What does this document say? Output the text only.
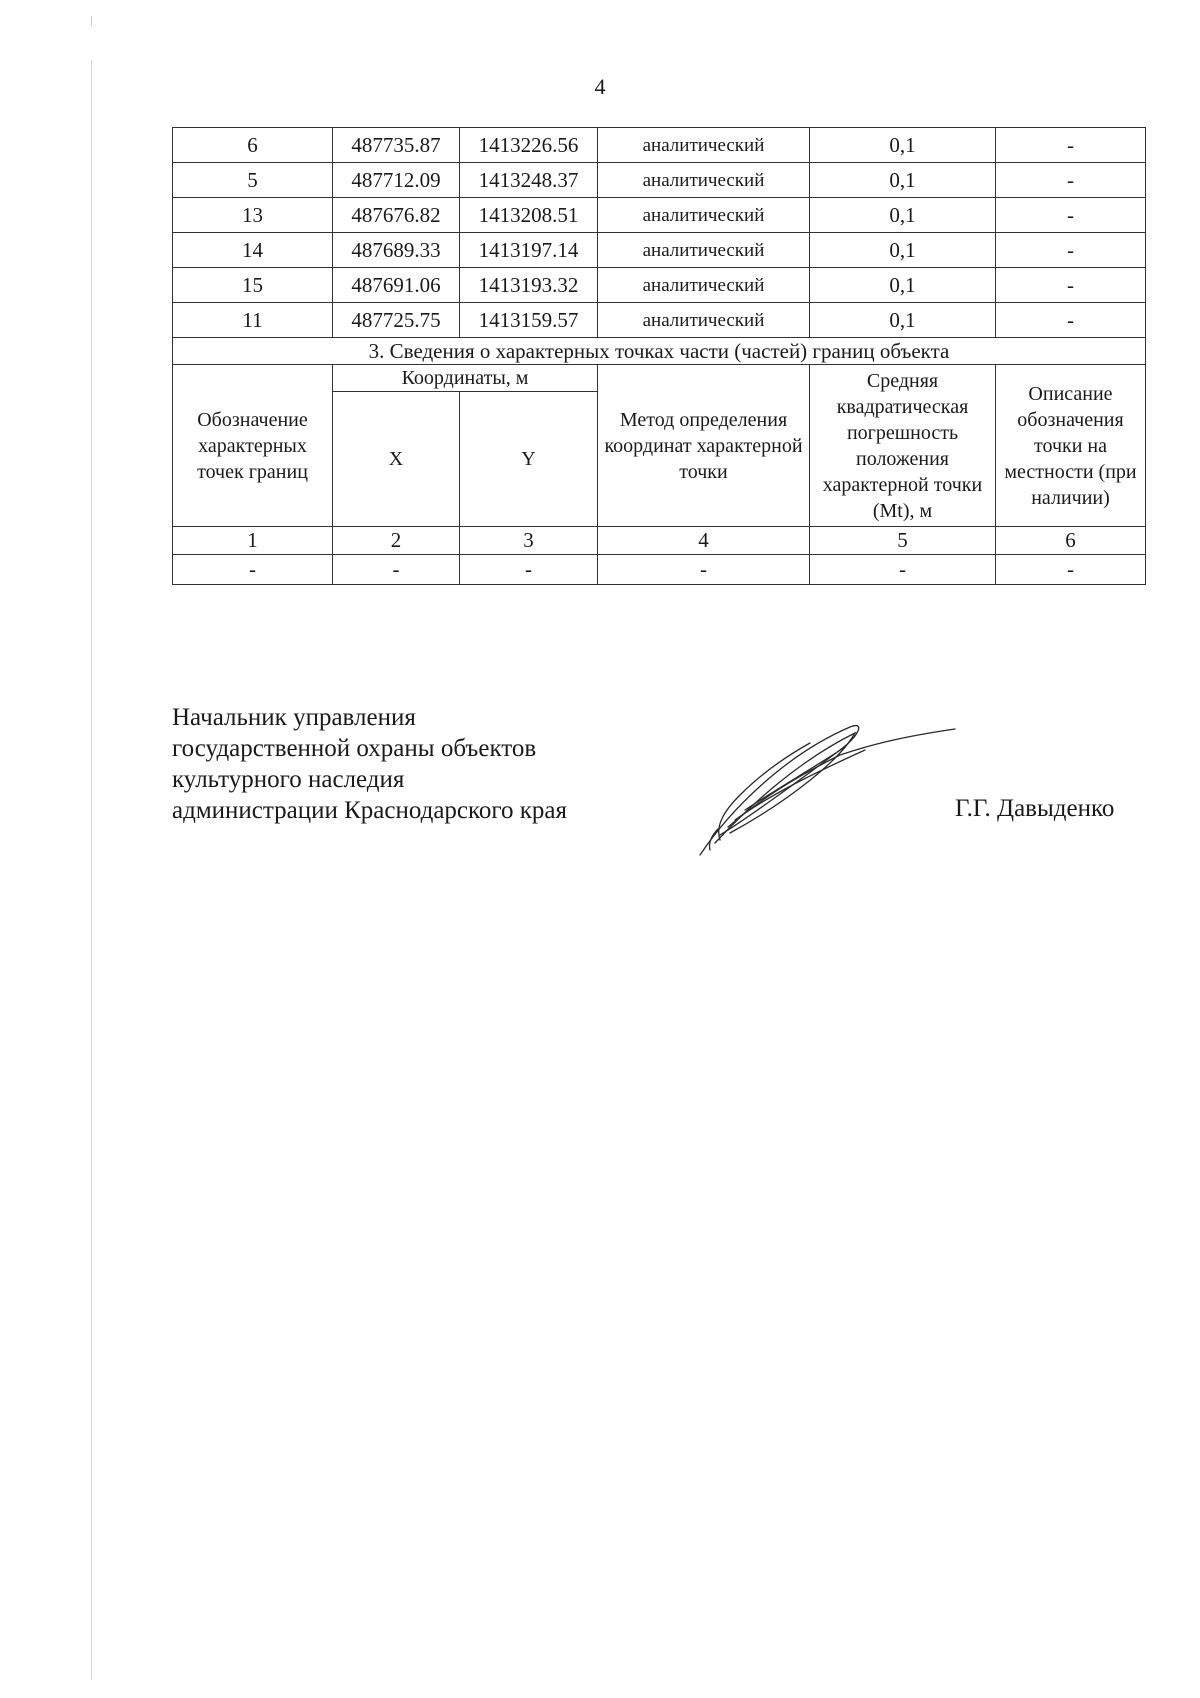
4
6	487735.87	1413226.56	аналитический	0,1	-
5	487712.09	1413248.37	аналитический	0,1	-
13	487676.82	1413208.51	аналитический	0,1	-
14	487689.33	1413197.14	аналитический	0,1	-
15	487691.06	1413193.32	аналитический	0,1	-
11	487725.75	1413159.57	аналитический	0,1	-
3. Сведения о характерных точках части (частей) границ объекта					
Обозначение характерных точек границ	Координаты, м		Метод определения координат характерной точки	Средняя квадратическая погрешность положения характерной точки (Mt), м	Описание обозначения точки на местности (при наличии)
	X	Y			
1	2	3	4	5	6
-	-	-	-	-	-
Начальник управления
государственной охраны объектов
культурного наследия
администрации Краснодарского края	Г.Г. Давыденко
